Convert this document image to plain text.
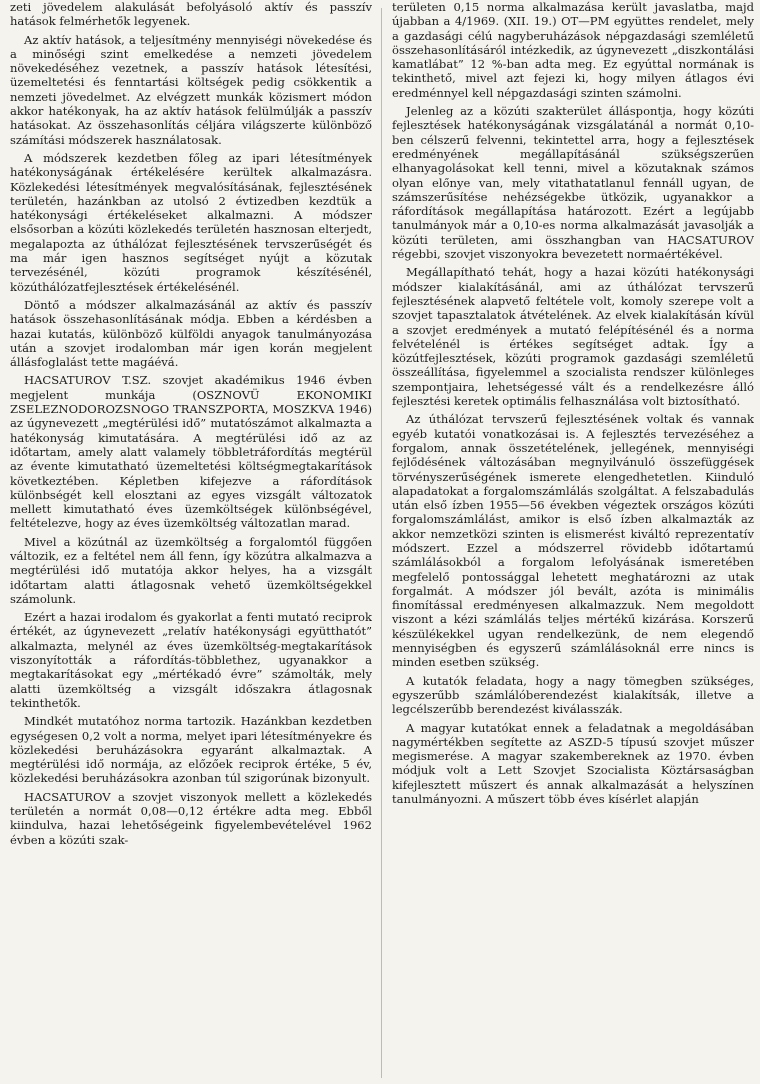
zeti jövedelem alakulását befolyásoló aktív és passzív hatások felmérhetők legyenek.

Az aktív hatások, a teljesítmény mennyiségi növekedése és a minőségi szint emelkedése a nemzeti jövedelem növekedéséhez vezetnek, a passzív hatások létesítési, üzemeltetési és fenntartási költségek pedig csökkentik a nemzeti jövedelmet. Az elvégzett munkák közismert módon akkor hatékonyak, ha az aktív hatások felülmúlják a passzív hatásokat. Az összehasonlítás céljára világszerte különböző számítási módszerek használatosak.

A módszerek kezdetben főleg az ipari létesítmények hatékonyságának értékelésére kerültek alkalmazásra. Közlekedési létesítmények megvalósításának, fejlesztésének területén, hazánkban az utolsó 2 évtizedben kezdtük a hatékonysági értékeléseket alkalmazni. A módszer elsősorban a közúti közlekedés területén hasznosan elterjedt, megalapozta az úthálózat fejlesztésének tervszerűségét és ma már igen hasznos segítséget nyújt a közutak tervezésénél, közúti programok készítésénél, közúthálózatfejlesztések értékelésénél.

Döntő a módszer alkalmazásánál az aktív és passzív hatások összehasonlításának módja. Ebben a kérdésben a hazai kutatás, különböző külföldi anyagok tanulmányozása után a szovjet irodalomban már igen korán megjelent állásfoglalást tette magáévá.

HACSATUROV T.SZ. szovjet akadémikus 1946 évben megjelent munkája (OSZNOVÜ EKONOMIKI ZSELEZNODOROZSNOGO TRANSZPORTA, MOSZKVA 1946) az úgynevezett „megtérülési idő” mutatószámot alkalmazta a hatékonyság kimutatására. A megtérülési idő az az időtartam, amely alatt valamely többletráfordítás megtérül az évente kimutatható üzemeltetési költségmegtakarítások következtében. Képletben kifejezve a ráfordítások különbségét kell elosztani az egyes vizsgált változatok mellett kimutatható éves üzemköltségek különbségével, feltételezve, hogy az éves üzemköltség változatlan marad.

Mivel a közútnál az üzemköltség a forgalomtól függően változik, ez a feltétel nem áll fenn, így közútra alkalmazva a megtérülési idő mutatója akkor helyes, ha a vizsgált időtartam alatti átlagosnak vehető üzemköltségekkel számolunk.

Ezért a hazai irodalom és gyakorlat a fenti mutató reciprok értékét, az úgynevezett „relatív hatékonysági együtthatót” alkalmazta, melynél az éves üzemköltség-megtakarítások viszonyították a ráfordítás-többlethez, ugyanakkor a megtakarításokat egy „mértékadó évre” számolták, mely alatti üzemköltség a vizsgált időszakra átlagosnak tekinthetők.

Mindkét mutatóhoz norma tartozik. Hazánkban kezdetben egységesen 0,2 volt a norma, melyet ipari létesítményekre és közlekedési beruházásokra egyaránt alkalmaztak. A megtérülési idő normája, az előzőek reciprok értéke, 5 év, közlekedési beruházásokra azonban túl szigorúnak bizonyult.

HACSATUROV a szovjet viszonyok mellett a közlekedés területén a normát 0,08—0,12 értékre adta meg. Ebből kiindulva, hazai lehetőségeink figyelembevételével 1962 évben a közúti szak-

területen 0,15 norma alkalmazása került javaslatba, majd újabban a 4/1969. (XII. 19.) OT—PM együttes rendelet, mely a gazdasági célú nagyberuházások népgazdasági szemléletű összehasonlításáról intézkedik, az úgynevezett „diszkontálási kamatlábat” 12 %-ban adta meg. Ez egyúttal normának is tekinthető, mivel azt fejezi ki, hogy milyen átlagos évi eredménnyel kell népgazdasági szinten számolni.

Jelenleg az a közúti szakterület álláspontja, hogy közúti fejlesztések hatékonyságának vizsgálatánál a normát 0,10-ben célszerű felvenni, tekintettel arra, hogy a fejlesztések eredményének megállapításánál szükségszerűen elhanyagolásokat kell tenni, mivel a közutaknak számos olyan előnye van, mely vitathatatlanul fennáll ugyan, de számszerűsítése nehézségekbe ütközik, ugyanakkor a ráfordítások megállapítása határozott. Ezért a legújabb tanulmányok már a 0,10-es norma alkalmazását javasolják a közúti területen, ami összhangban van HACSATUROV régebbi, szovjet viszonyokra bevezetett normaértékével.

Megállapítható tehát, hogy a hazai közúti hatékonysági módszer kialakításánál, ami az úthálózat tervszerű fejlesztésének alapvető feltétele volt, komoly szerepe volt a szovjet tapasztalatok átvételének. Az elvek kialakításán kívül a szovjet eredmények a mutató felépítésénél és a norma felvételénél is értékes segítséget adtak. Így a közútfejlesztések, közúti programok gazdasági szemléletű összeállítása, figyelemmel a szocialista rendszer különleges szempontjaira, lehetségessé vált és a rendelkezésre álló fejlesztési keretek optimális felhasználása volt biztosítható.

Az úthálózat tervszerű fejlesztésének voltak és vannak egyéb kutatói vonatkozásai is. A fejlesztés tervezéséhez a forgalom, annak összetételének, jellegének, mennyiségi fejlődésének változásában megnyilvánuló összefüggések törvényszerűségének ismerete elengedhetetlen. Kiinduló alapadatokat a forgalomszámlálás szolgáltat. A felszabadulás után első ízben 1955—56 években végeztek országos közúti forgalomszámlálást, amikor is első ízben alkalmazták az akkor nemzetközi szinten is elismerést kiváltó reprezentatív módszert. Ezzel a módszerrel rövidebb időtartamú számlálásokból a forgalom lefolyásának ismeretében megfelelő pontossággal lehetett meghatározni az utak forgalmát. A módszer jól bevált, azóta is minimális finomítással eredményesen alkalmazzuk. Nem megoldott viszont a kézi számlálás teljes mértékű kizárása. Korszerű készülékekkel ugyan rendelkezünk, de nem elegendő mennyiségben és egyszerű számlálásoknál erre nincs is minden esetben szükség.

A kutatók feladata, hogy a nagy tömegben szükséges, egyszerűbb számlálóberendezést kialakítsák, illetve a legcélszerűbb berendezést kiválasszák.

A magyar kutatókat ennek a feladatnak a megoldásában nagymértékben segítette az ASZD-5 típusú szovjet műszer megismerése. A magyar szakembereknek az 1970. évben módjuk volt a Lett Szovjet Szocialista Köztársaságban kifejlesztett műszert és annak alkalmazását a helyszínen tanulmányozni. A műszert több éves kísérlet alapján
